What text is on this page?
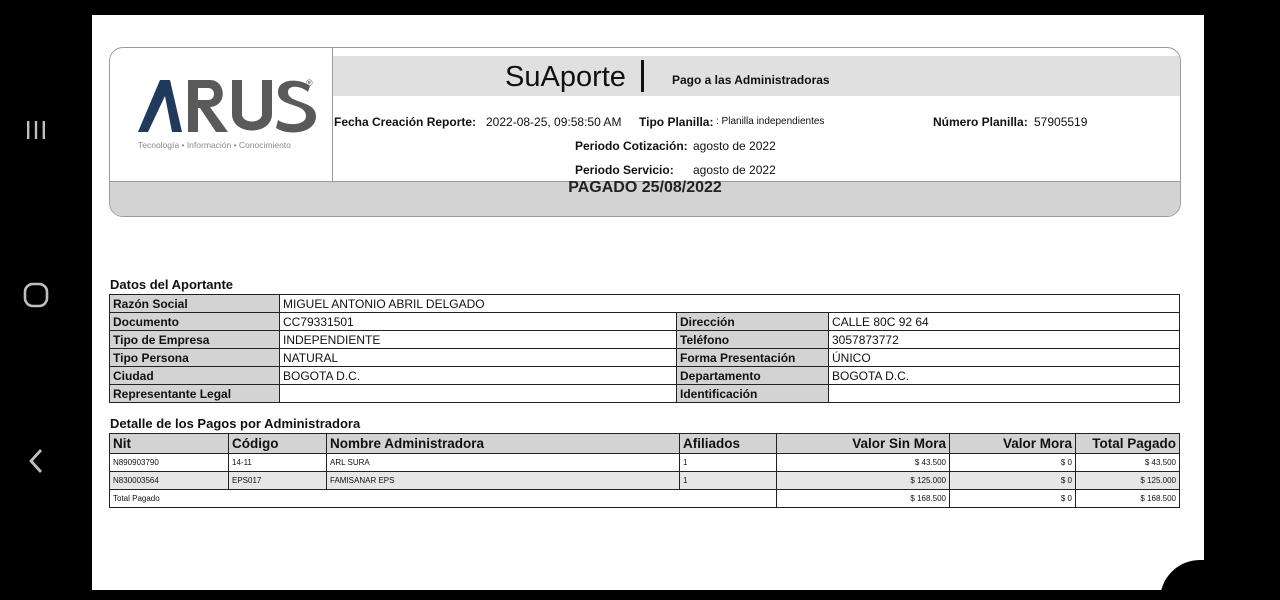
®
Tecnología • Información • Conocimiento
SuAporte	Pago a las Administradoras
Fecha Creación Reporte: 2022-08-25, 09:58:50 AM Tipo Planilla: : Planilla independientes	Número Planilla: 57905519
Periodo Cotización: agosto de 2022
Periodo Servicio: agosto de 2022
PAGADO 25/08/2022
Datos del Aportante
Razón Social	MIGUEL ANTONIO ABRIL DELGADO		
Documento	CC79331501	Dirección	CALLE 80C 92 64
Tipo de Empresa	INDEPENDIENTE	Teléfono	3057873772
Tipo Persona	NATURAL	Forma Presentación	ÚNICO
Ciudad	BOGOTA D.C.	Departamento	BOGOTA D.C.
Representante Legal		Identificación	
Detalle de los Pagos por Administradora
Nit	Código	Nombre Administradora	Afiliados	Valor Sin Mora	Valor Mora	Total Pagado
N890903790	14-11	ARL SURA	1	$ 43.500	$ 0	$ 43.500
N830003564	EPS017	FAMISANAR EPS	1	$ 125.000	$ 0	$ 125.000
Total Pagado				$ 168.500	$ 0	$ 168.500
